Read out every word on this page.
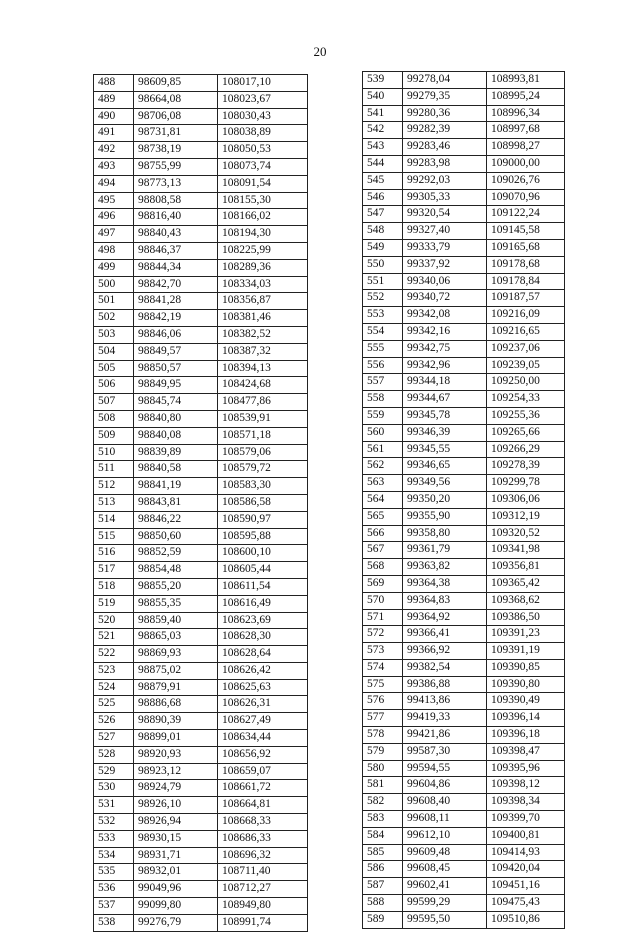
20
488	98609,85	108017,10
489	98664,08	108023,67
490	98706,08	108030,43
491	98731,81	108038,89
492	98738,19	108050,53
493	98755,99	108073,74
494	98773,13	108091,54
495	98808,58	108155,30
496	98816,40	108166,02
497	98840,43	108194,30
498	98846,37	108225,99
499	98844,34	108289,36
500	98842,70	108334,03
501	98841,28	108356,87
502	98842,19	108381,46
503	98846,06	108382,52
504	98849,57	108387,32
505	98850,57	108394,13
506	98849,95	108424,68
507	98845,74	108477,86
508	98840,80	108539,91
509	98840,08	108571,18
510	98839,89	108579,06
511	98840,58	108579,72
512	98841,19	108583,30
513	98843,81	108586,58
514	98846,22	108590,97
515	98850,60	108595,88
516	98852,59	108600,10
517	98854,48	108605,44
518	98855,20	108611,54
519	98855,35	108616,49
520	98859,40	108623,69
521	98865,03	108628,30
522	98869,93	108628,64
523	98875,02	108626,42
524	98879,91	108625,63
525	98886,68	108626,31
526	98890,39	108627,49
527	98899,01	108634,44
528	98920,93	108656,92
529	98923,12	108659,07
530	98924,79	108661,72
531	98926,10	108664,81
532	98926,94	108668,33
533	98930,15	108686,33
534	98931,71	108696,32
535	98932,01	108711,40
536	99049,96	108712,27
537	99099,80	108949,80
538	99276,79	108991,74
539	99278,04	108993,81
540	99279,35	108995,24
541	99280,36	108996,34
542	99282,39	108997,68
543	99283,46	108998,27
544	99283,98	109000,00
545	99292,03	109026,76
546	99305,33	109070,96
547	99320,54	109122,24
548	99327,40	109145,58
549	99333,79	109165,68
550	99337,92	109178,68
551	99340,06	109178,84
552	99340,72	109187,57
553	99342,08	109216,09
554	99342,16	109216,65
555	99342,75	109237,06
556	99342,96	109239,05
557	99344,18	109250,00
558	99344,67	109254,33
559	99345,78	109255,36
560	99346,39	109265,66
561	99345,55	109266,29
562	99346,65	109278,39
563	99349,56	109299,78
564	99350,20	109306,06
565	99355,90	109312,19
566	99358,80	109320,52
567	99361,79	109341,98
568	99363,82	109356,81
569	99364,38	109365,42
570	99364,83	109368,62
571	99364,92	109386,50
572	99366,41	109391,23
573	99366,92	109391,19
574	99382,54	109390,85
575	99386,88	109390,80
576	99413,86	109390,49
577	99419,33	109396,14
578	99421,86	109396,18
579	99587,30	109398,47
580	99594,55	109395,96
581	99604,86	109398,12
582	99608,40	109398,34
583	99608,11	109399,70
584	99612,10	109400,81
585	99609,48	109414,93
586	99608,45	109420,04
587	99602,41	109451,16
588	99599,29	109475,43
589	99595,50	109510,86
